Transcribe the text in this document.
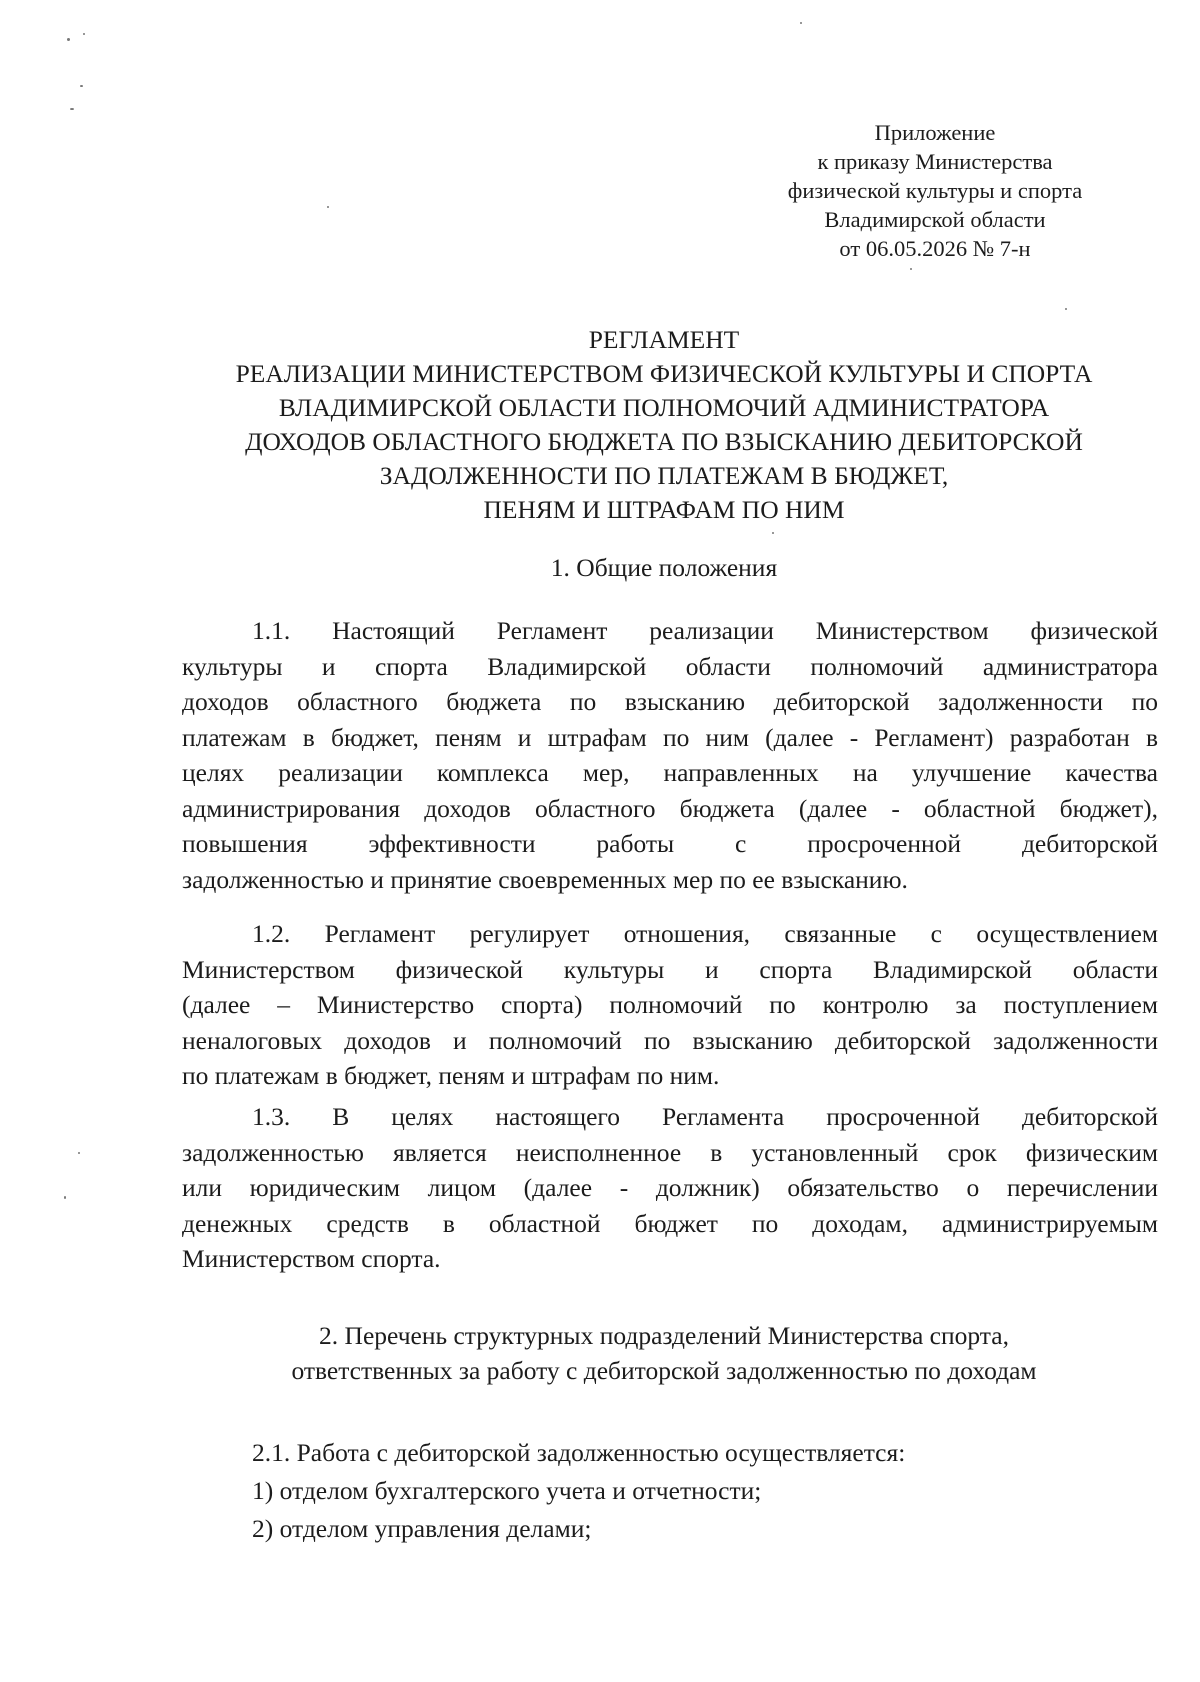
Приложение
к приказу Министерства
физической культуры и спорта
Владимирской области
от 06.05.2026 № 7-н
РЕГЛАМЕНТ
РЕАЛИЗАЦИИ МИНИСТЕРСТВОМ ФИЗИЧЕСКОЙ КУЛЬТУРЫ И СПОРТА
ВЛАДИМИРСКОЙ ОБЛАСТИ ПОЛНОМОЧИЙ АДМИНИСТРАТОРА
ДОХОДОВ ОБЛАСТНОГО БЮДЖЕТА ПО ВЗЫСКАНИЮ ДЕБИТОРСКОЙ
ЗАДОЛЖЕННОСТИ ПО ПЛАТЕЖАМ В БЮДЖЕТ,
ПЕНЯМ И ШТРАФАМ ПО НИМ
1. Общие положения
1.1. Настоящий Регламент реализации Министерством физической
культуры и спорта Владимирской области полномочий администратора
доходов областного бюджета по взысканию дебиторской задолженности по
платежам в бюджет, пеням и штрафам по ним (далее - Регламент) разработан в
целях реализации комплекса мер, направленных на улучшение качества
администрирования доходов областного бюджета (далее - областной бюджет),
повышения эффективности работы с просроченной дебиторской
задолженностью и принятие своевременных мер по ее взысканию.
1.2. Регламент регулирует отношения, связанные с осуществлением
Министерством физической культуры и спорта Владимирской области
(далее – Министерство спорта) полномочий по контролю за поступлением
неналоговых доходов и полномочий по взысканию дебиторской задолженности
по платежам в бюджет, пеням и штрафам по ним.
1.3. В целях настоящего Регламента просроченной дебиторской
задолженностью является неисполненное в установленный срок физическим
или юридическим лицом (далее - должник) обязательство о перечислении
денежных средств в областной бюджет по доходам, администрируемым
Министерством спорта.
2. Перечень структурных подразделений Министерства спорта,
ответственных за работу с дебиторской задолженностью по доходам
2.1. Работа с дебиторской задолженностью осуществляется:
1) отделом бухгалтерского учета и отчетности;
2) отделом управления делами;
